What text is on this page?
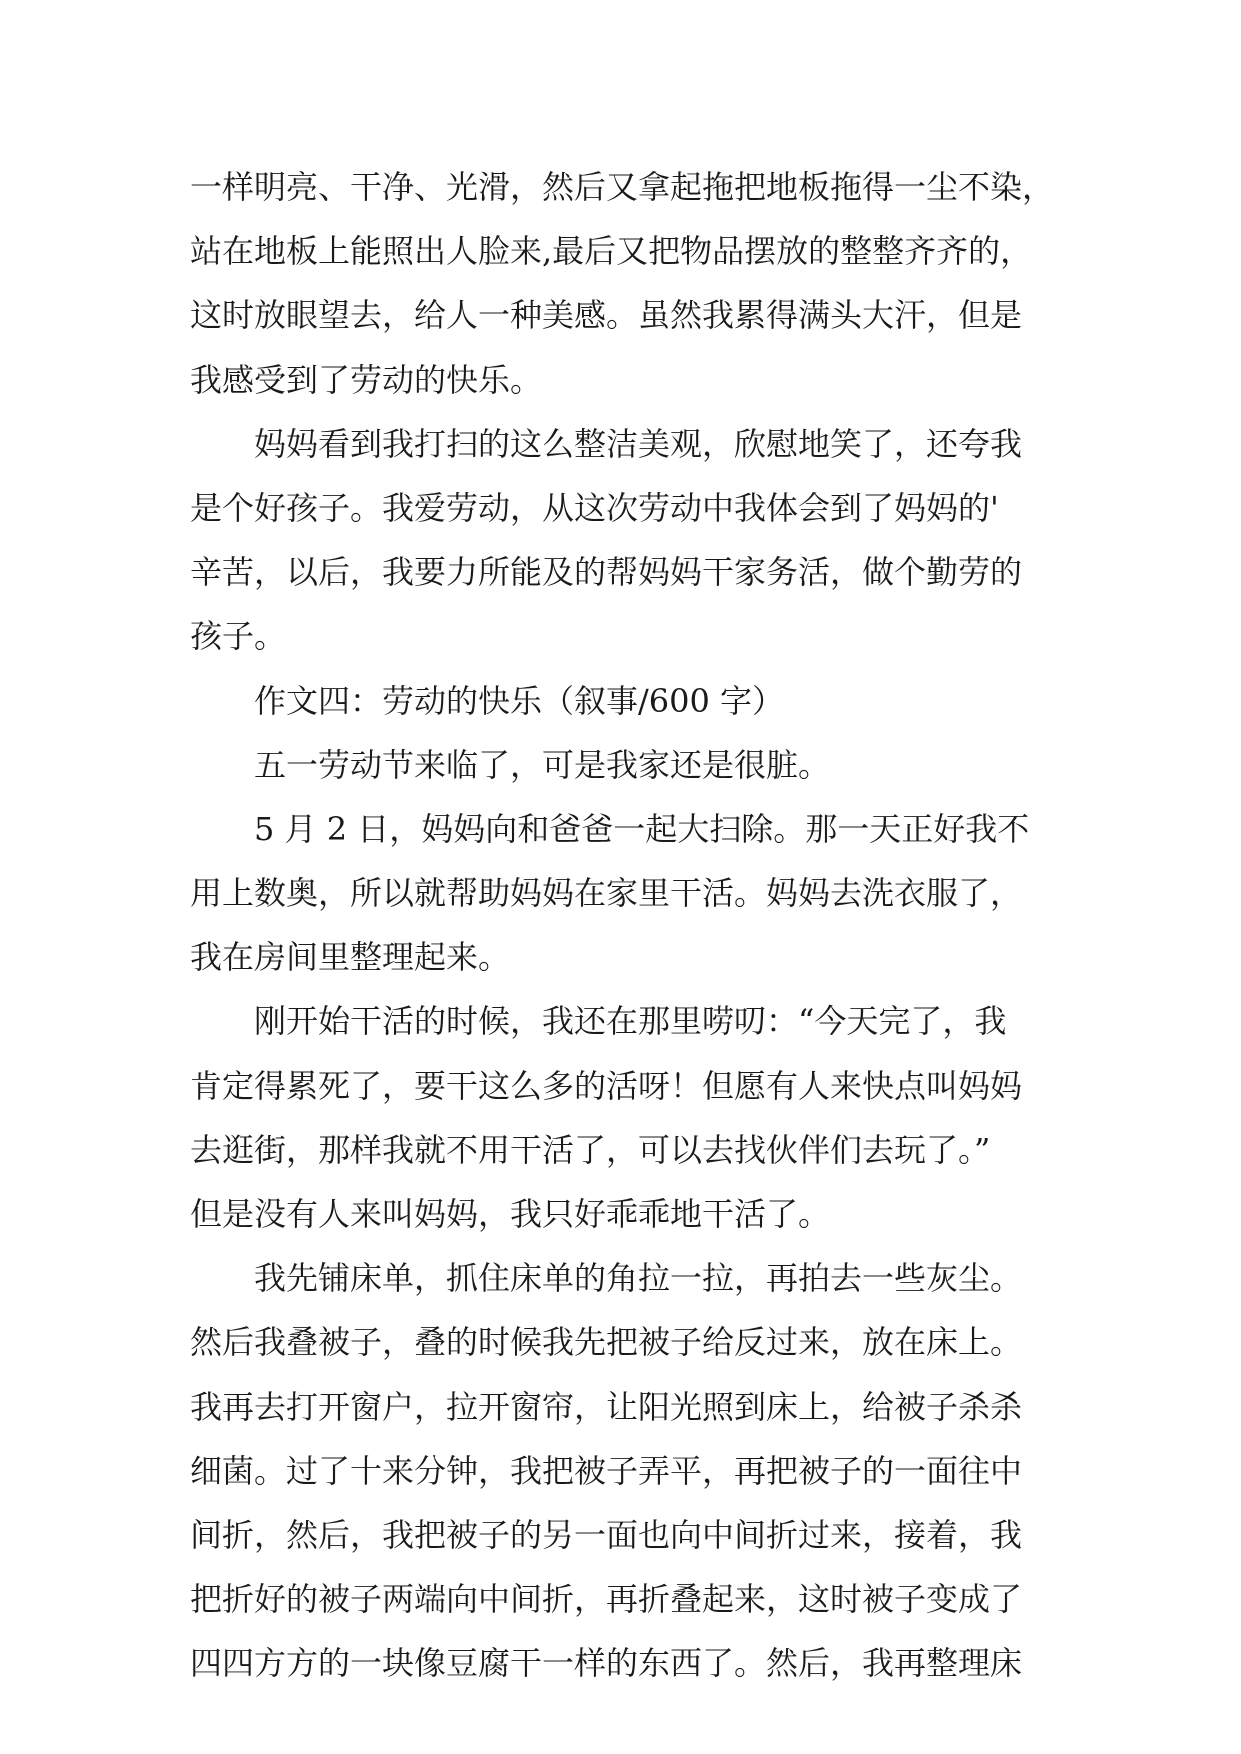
一样明亮、干净、光滑，然后又拿起拖把地板拖得一尘不染，
站在地板上能照出人脸来,最后又把物品摆放的整整齐齐的，
这时放眼望去，给人一种美感。虽然我累得满头大汗，但是
我感受到了劳动的快乐。
妈妈看到我打扫的这么整洁美观，欣慰地笑了，还夸我
是个好孩子。我爱劳动，从这次劳动中我体会到了妈妈的'
辛苦，以后，我要力所能及的帮妈妈干家务活，做个勤劳的
孩子。
作文四：劳动的快乐（叙事/600 字）
五一劳动节来临了，可是我家还是很脏。
5 月 2 日，妈妈向和爸爸一起大扫除。那一天正好我不
用上数奥，所以就帮助妈妈在家里干活。妈妈去洗衣服了，
我在房间里整理起来。
刚开始干活的时候，我还在那里唠叨：“今天完了，我
肯定得累死了，要干这么多的活呀！但愿有人来快点叫妈妈
去逛街，那样我就不用干活了，可以去找伙伴们去玩了。”
但是没有人来叫妈妈，我只好乖乖地干活了。
我先铺床单，抓住床单的角拉一拉，再拍去一些灰尘。
然后我叠被子，叠的时候我先把被子给反过来，放在床上。
我再去打开窗户，拉开窗帘，让阳光照到床上，给被子杀杀
细菌。过了十来分钟，我把被子弄平，再把被子的一面往中
间折，然后，我把被子的另一面也向中间折过来，接着，我
把折好的被子两端向中间折，再折叠起来，这时被子变成了
四四方方的一块像豆腐干一样的东西了。然后，我再整理床
